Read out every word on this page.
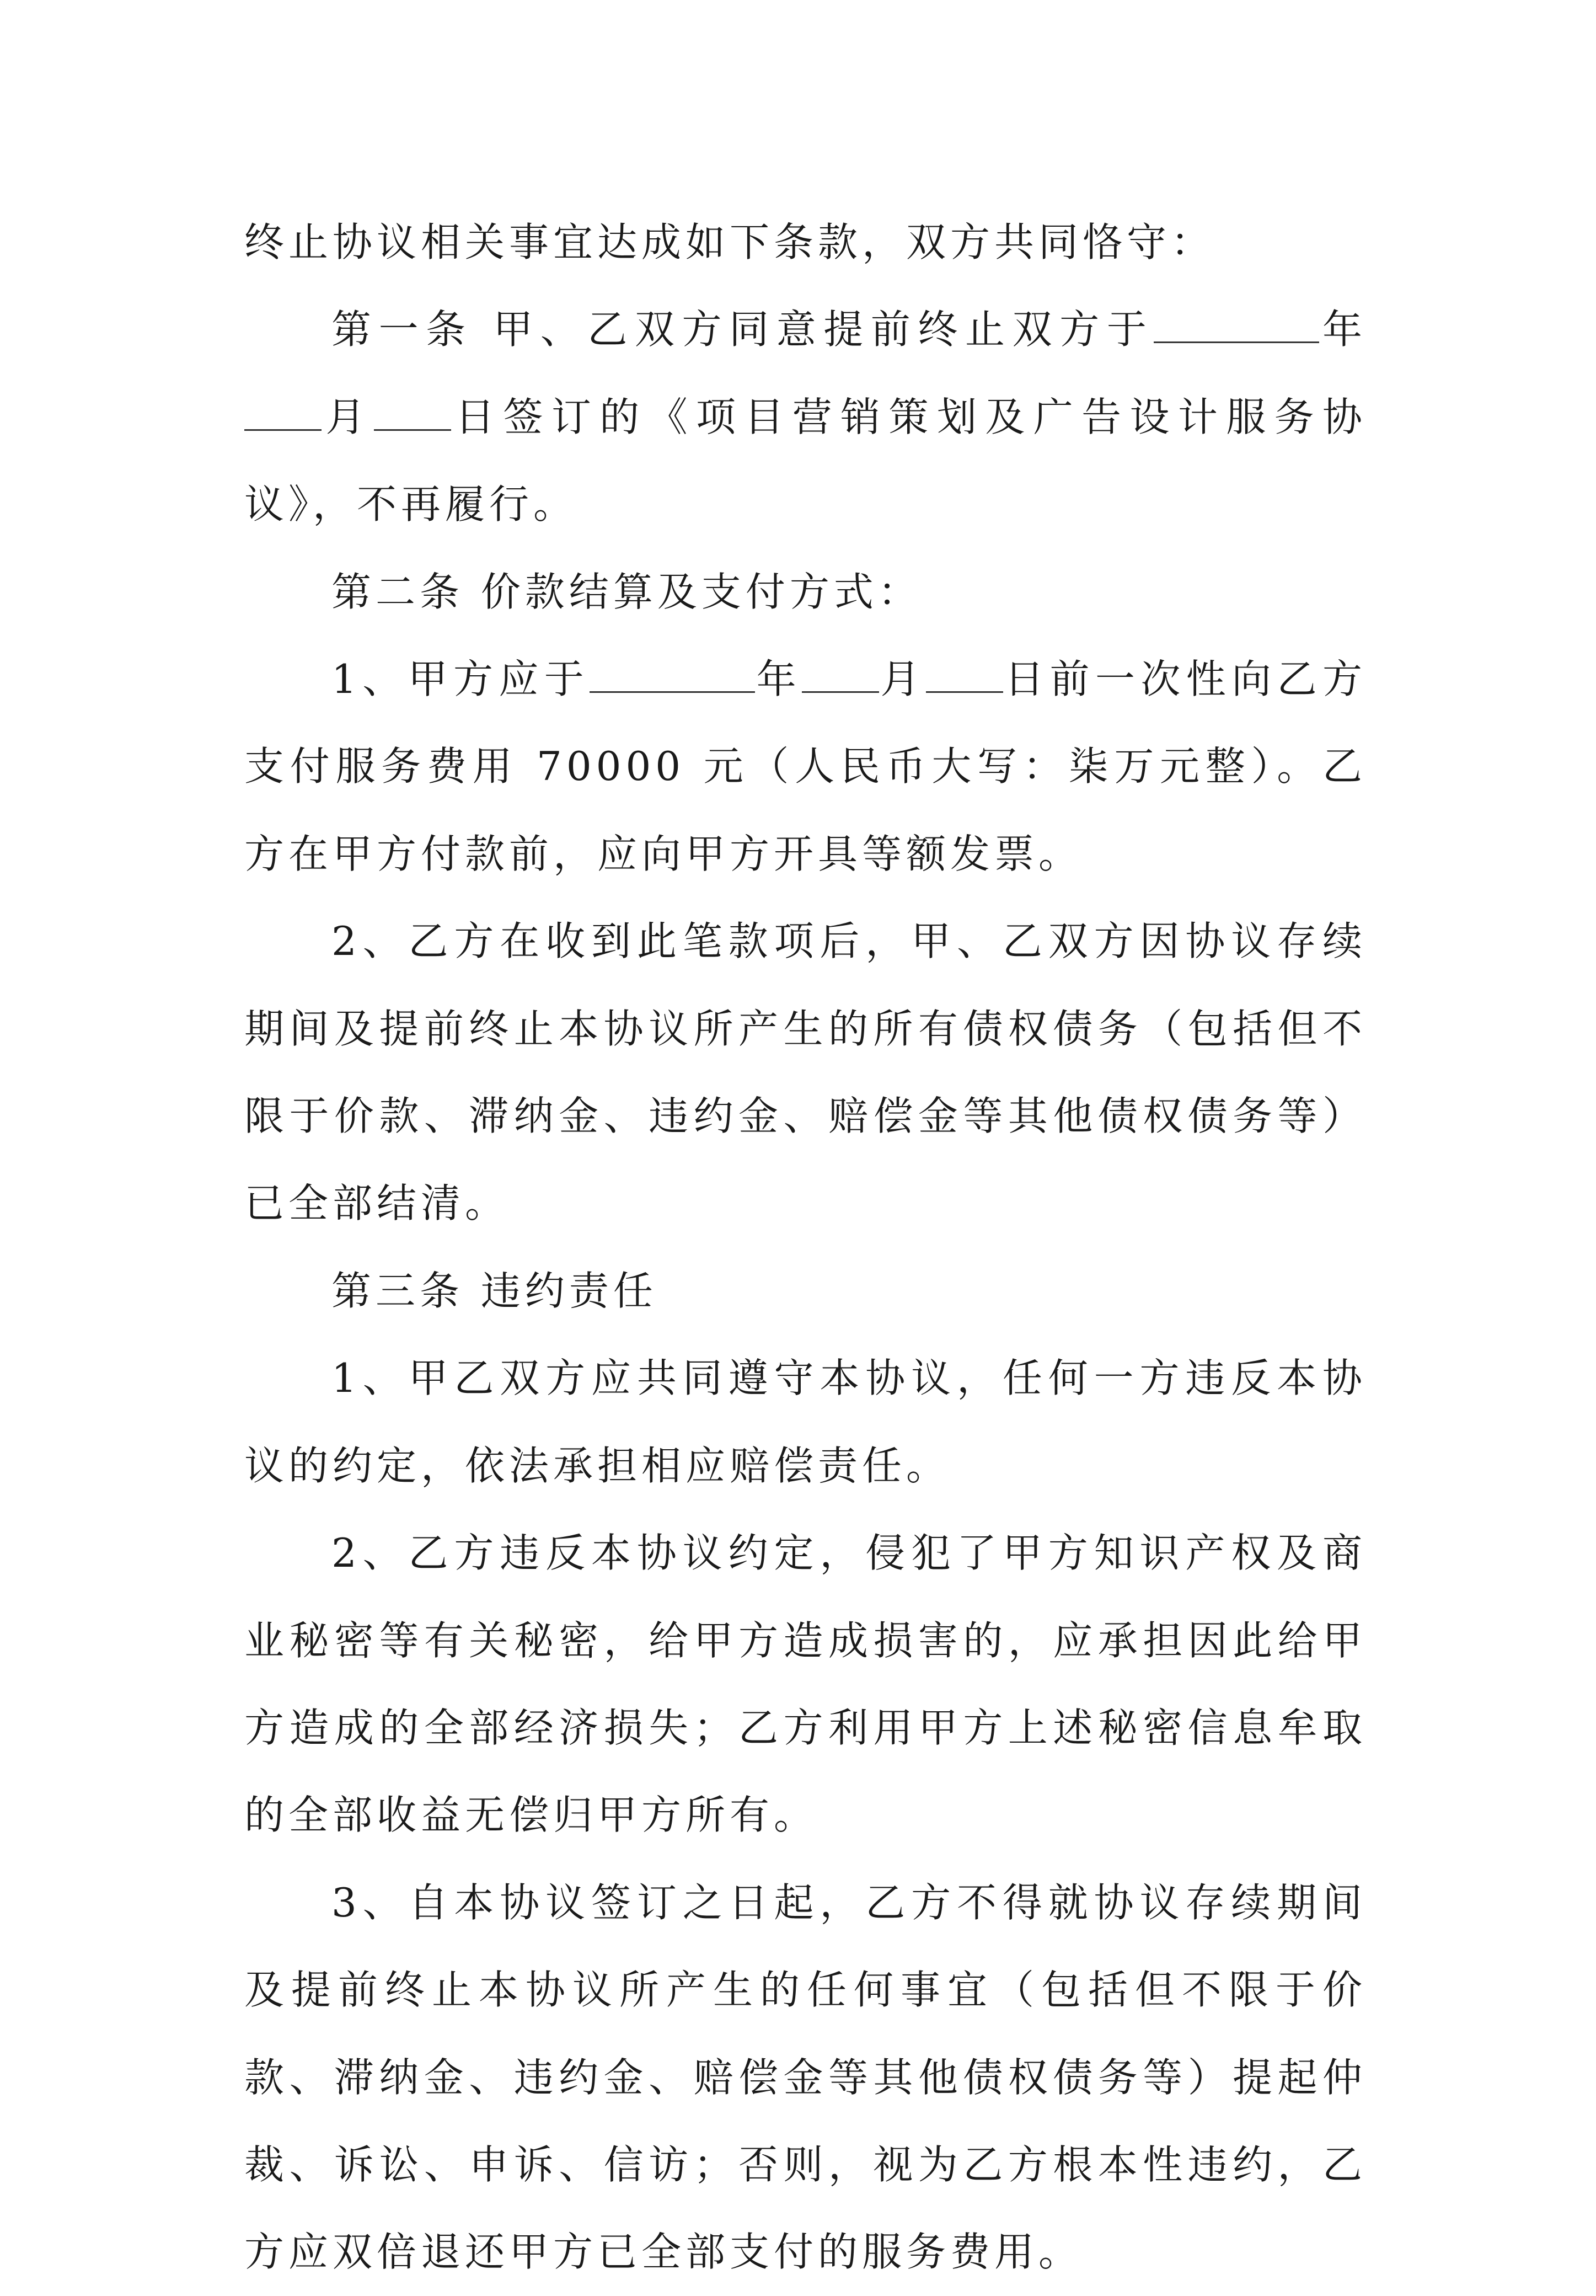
终止协议相关事宜达成如下条款，双方共同恪守：

第一条 甲、乙双方同意提前终止双方于	年月 日签订的《项目营销策划及广告设计服务协议》，不再履行。

第二条 价款结算及支付方式：

1、甲方应于	年 月 日前一次性向乙方支付服务费用 70000 元（人民币大写：柒万元整）。乙方在甲方付款前，应向甲方开具等额发票。

2、乙方在收到此笔款项后，甲、乙双方因协议存续期间及提前终止本协议所产生的所有债权债务（包括但不限于价款、滞纳金、违约金、赔偿金等其他债权债务等）已全部结清。

第三条 违约责任

1、甲乙双方应共同遵守本协议，任何一方违反本协议的约定，依法承担相应赔偿责任。

2、乙方违反本协议约定，侵犯了甲方知识产权及商业秘密等有关秘密，给甲方造成损害的，应承担因此给甲方造成的全部经济损失；乙方利用甲方上述秘密信息牟取的全部收益无偿归甲方所有。

3、自本协议签订之日起，乙方不得就协议存续期间及提前终止本协议所产生的任何事宜（包括但不限于价款、滞纳金、违约金、赔偿金等其他债权债务等）提起仲裁、诉讼、申诉、信访；否则，视为乙方根本性违约，乙方应双倍退还甲方已全部支付的服务费用。
